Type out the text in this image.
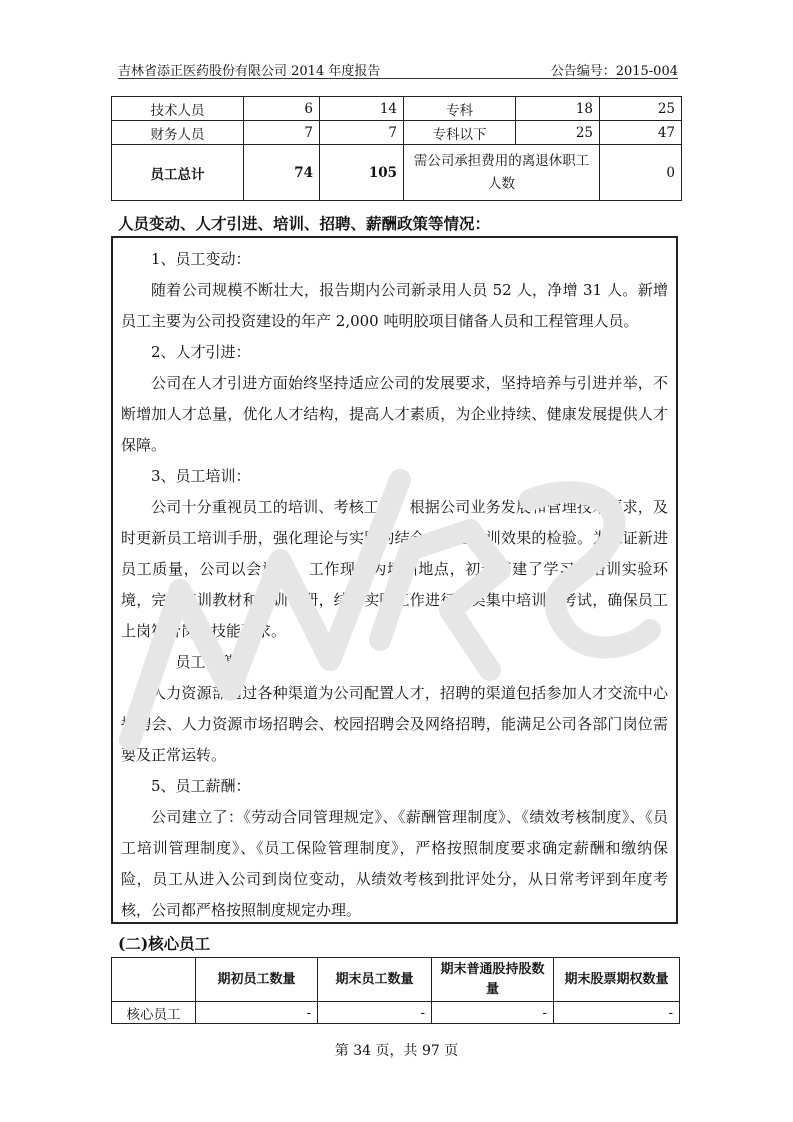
吉林省添正医药股份有限公司 2014 年度报告	公告编号：2015-004
技术人员	6	14	专科	18	25
财务人员	7	7	专科以下	25	47
员工总计	74	105	需公司承担费用的离退休职工人数		0
人员变动、人才引进、培训、招聘、薪酬政策等情况：

1、员工变动：

随着公司规模不断壮大，报告期内公司新录用人员 52 人，净增 31 人。新增员工主要为公司投资建设的年产 2,000 吨明胶项目储备人员和工程管理人员。

2、人才引进：

公司在人才引进方面始终坚持适应公司的发展要求，坚持培养与引进并举，不断增加人才总量，优化人才结构，提高人才素质，为企业持续、健康发展提供人才保障。

3、员工培训：

公司十分重视员工的培训、考核工作，根据公司业务发展和管理技术要求，及时更新员工培训手册，强化理论与实践的结合，注重培训效果的检验。为保证新进员工质量，公司以会议室、工作现场为培训地点，初步搭建了学习、培训实验环境，完善培训教材和培训手册，结合实际工作进行分类集中培训和考试，确保员工上岗符合岗位技能要求。

4、员工招聘：

人力资源部通过各种渠道为公司配置人才，招聘的渠道包括参加人才交流中心招聘会、人力资源市场招聘会、校园招聘会及网络招聘，能满足公司各部门岗位需要及正常运转。

5、员工薪酬：

公司建立了：《劳动合同管理规定》、《薪酬管理制度》、《绩效考核制度》、《员工培训管理制度》、《员工保险管理制度》，严格按照制度要求确定薪酬和缴纳保险，员工从进入公司到岗位变动，从绩效考核到批评处分，从日常考评到年度考核，公司都严格按照制度规定办理。

(二)核心员工
	期初员工数量	期末员工数量	期末普通股持股数量	期末股票期权数量
核心员工	-	-	-	-
第 34 页，共 97 页
